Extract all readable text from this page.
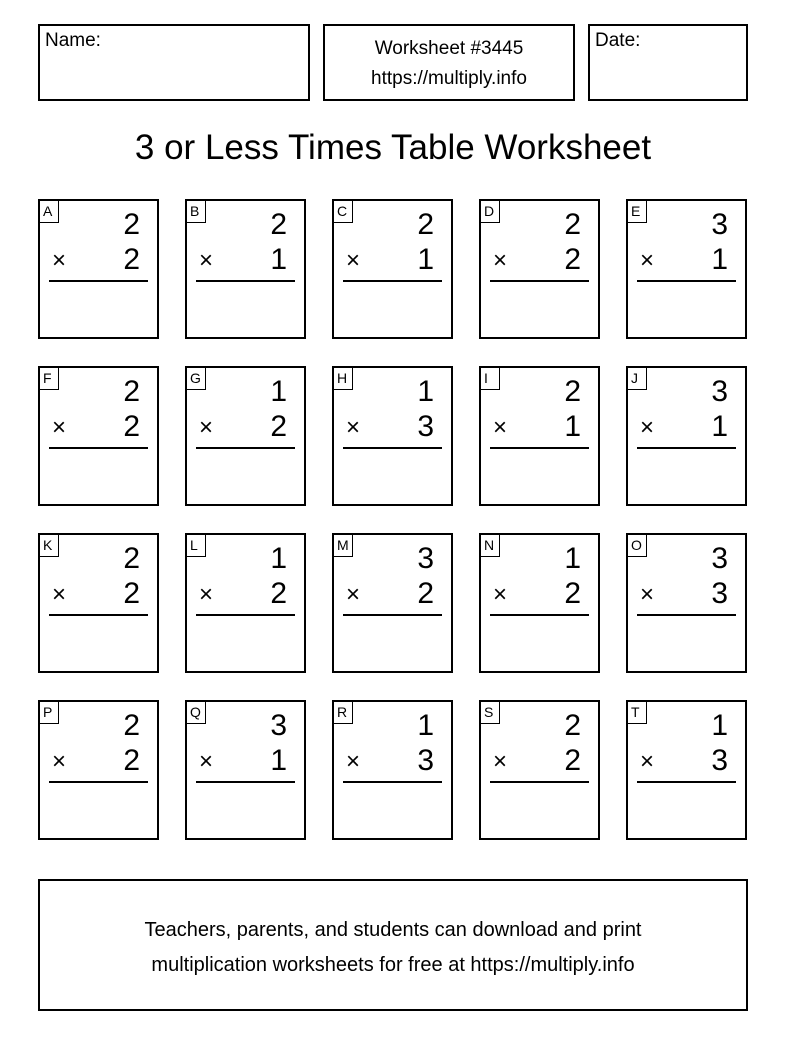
Name:	Worksheet #3445
https://multiply.info
Date:
3 or Less Times Table Worksheet
A 2
× 2
B 2
× 1
C 2
× 1
D 2
× 2
E 3
× 1
F 2
× 2
G 1
× 2
H 1
× 3
I	2
× 1
J	3
× 1
K 2
× 2
L 1
× 2
M 3
× 2
N 1
× 2
O 3
× 3
P 2
× 2
Q 3
× 1
R 1
× 3
S 2
× 2
T 1
× 3
Teachers, parents, and students can download and print
multiplication worksheets for free at https://multiply.info
